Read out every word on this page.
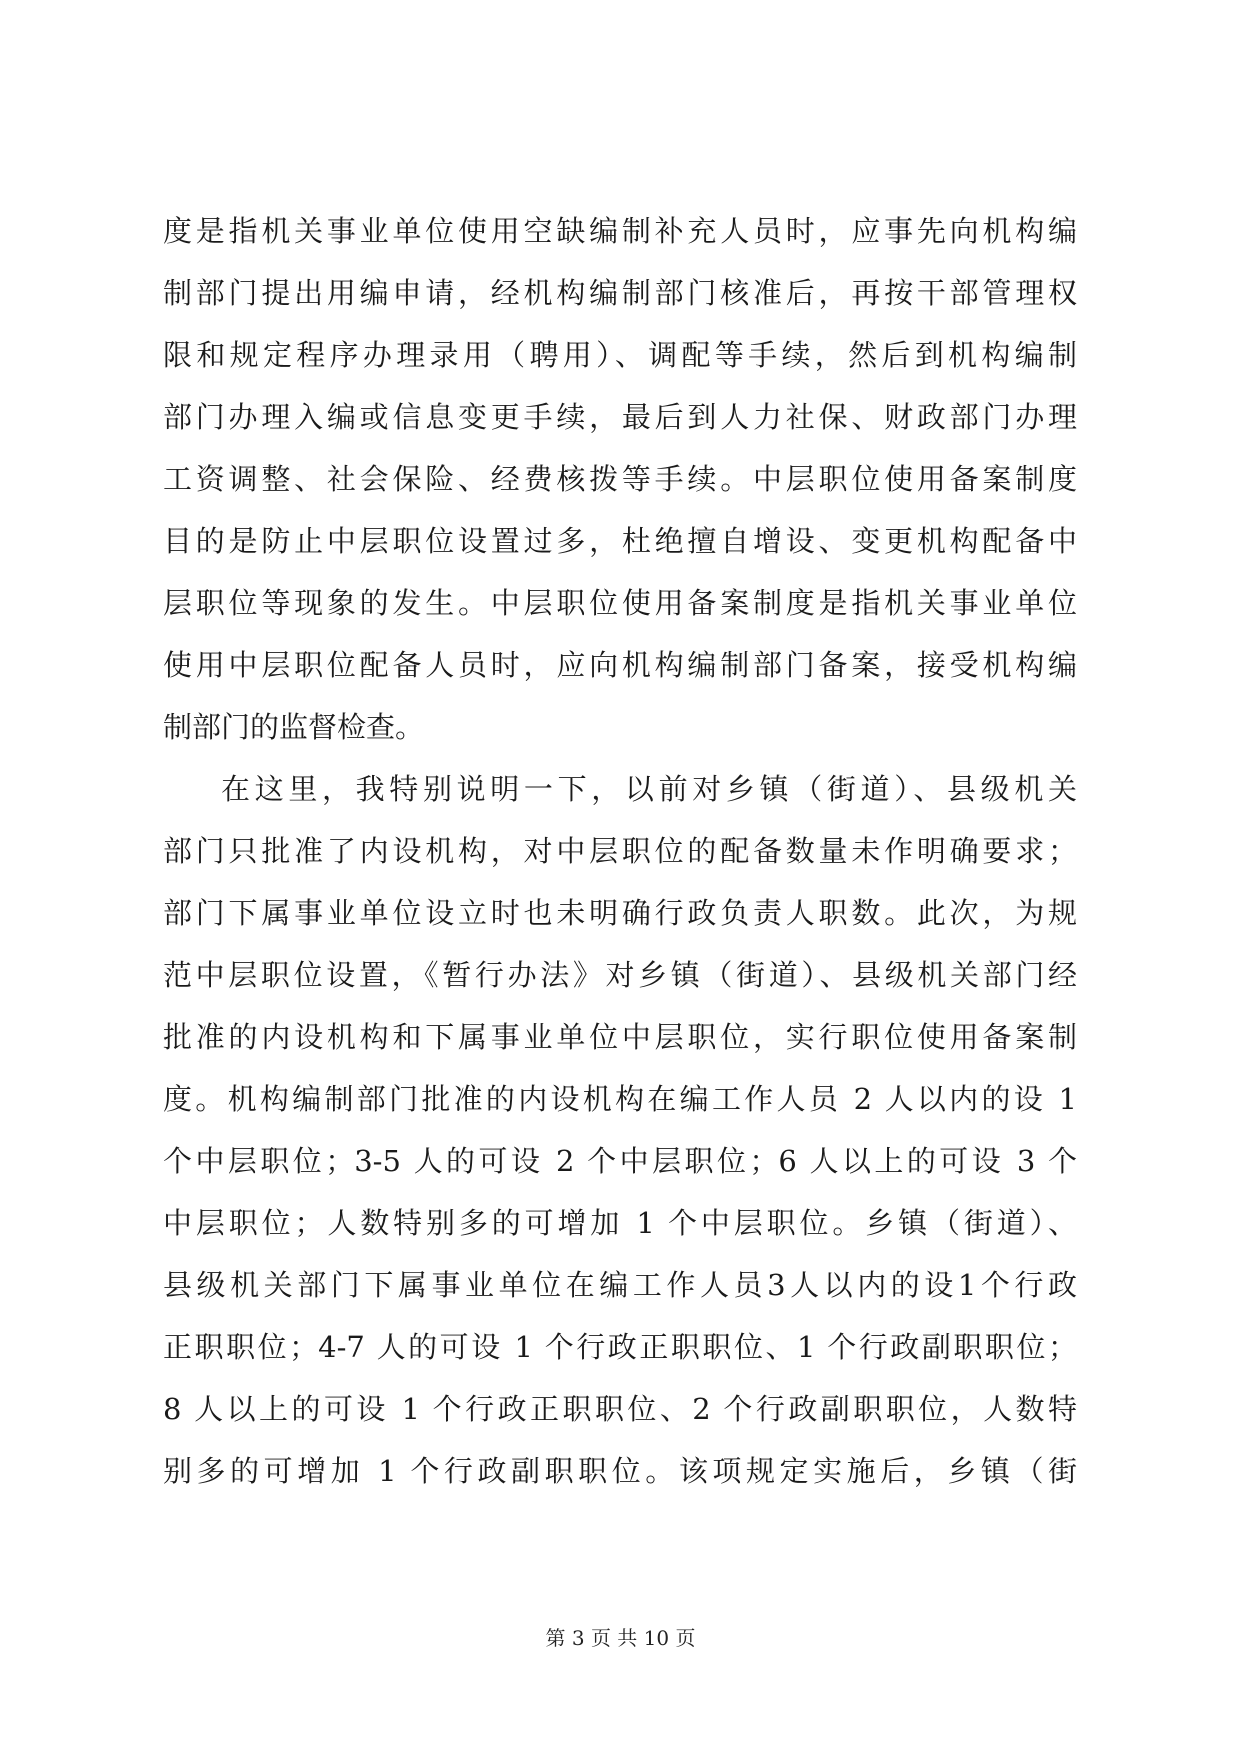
度是指机关事业单位使用空缺编制补充人员时，应事先向机构编
制部门提出用编申请，经机构编制部门核准后，再按干部管理权
限和规定程序办理录用（聘用）、调配等手续，然后到机构编制
部门办理入编或信息变更手续，最后到人力社保、财政部门办理
工资调整、社会保险、经费核拨等手续。中层职位使用备案制度
目的是防止中层职位设置过多，杜绝擅自增设、变更机构配备中
层职位等现象的发生。中层职位使用备案制度是指机关事业单位
使用中层职位配备人员时，应向机构编制部门备案，接受机构编
制部门的监督检查。
在这里，我特别说明一下，以前对乡镇（街道）、县级机关
部门只批准了内设机构，对中层职位的配备数量未作明确要求；
部门下属事业单位设立时也未明确行政负责人职数。此次，为规
范中层职位设置，《暂行办法》对乡镇（街道）、县级机关部门经
批准的内设机构和下属事业单位中层职位，实行职位使用备案制
度。机构编制部门批准的内设机构在编工作人员 2 人以内的设 1
个中层职位；3-5 人的可设 2 个中层职位；6 人以上的可设 3 个
中层职位；人数特别多的可增加 1 个中层职位。乡镇（街道）、
县级机关部门下属事业单位在编工作人员3人以内的设1个行政
正职职位；4-7 人的可设 1 个行政正职职位、1 个行政副职职位；
8 人以上的可设 1 个行政正职职位、2 个行政副职职位，人数特
别多的可增加 1 个行政副职职位。该项规定实施后，乡镇（街
第 3 页 共 10 页
